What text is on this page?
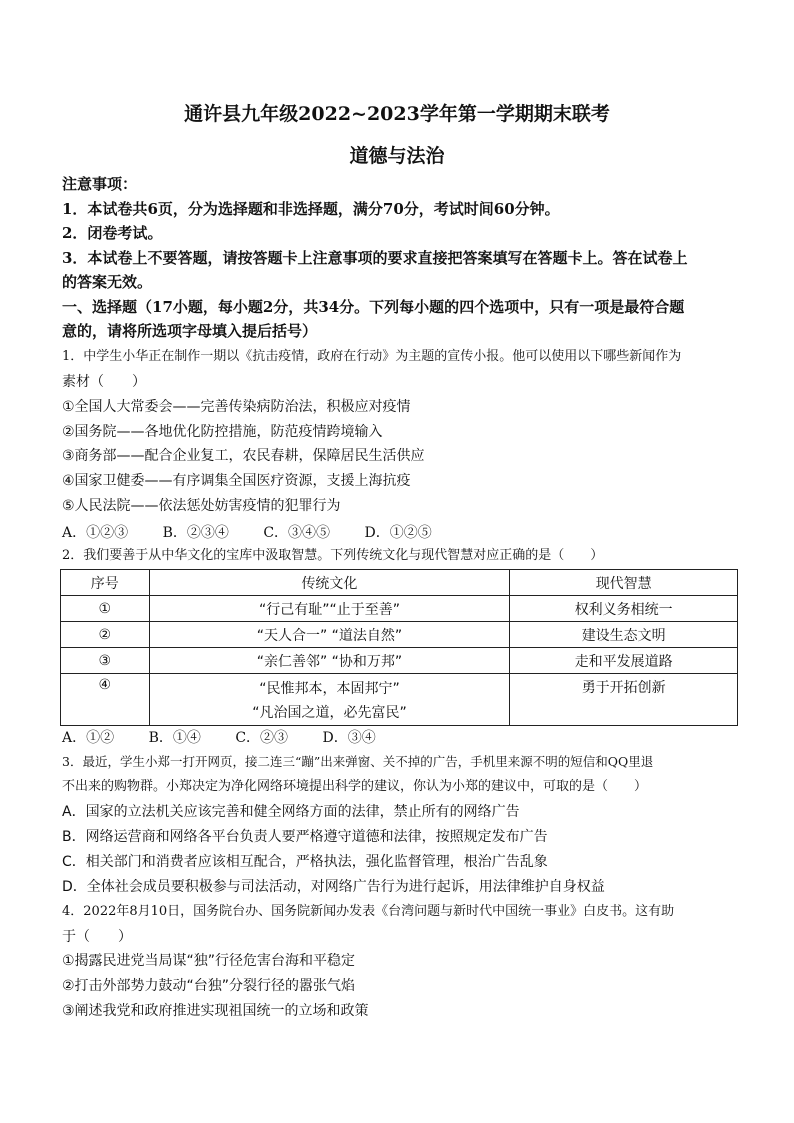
通许县九年级2022~2023学年第一学期期末联考
道德与法治
注意事项：
1．本试卷共6页，分为选择题和非选择题，满分70分，考试时间60分钟。
2．闭卷考试。
3．本试卷上不要答题，请按答题卡上注意事项的要求直接把答案填写在答题卡上。答在试卷上
的答案无效。
一、选择题（17小题，每小题2分，共34分。下列每小题的四个选项中，只有一项是最符合题
意的，请将所选项字母填入提后括号）
1．中学生小华正在制作一期以《抗击疫情，政府在行动》为主题的宣传小报。他可以使用以下哪些新闻作为
素材（　　）
①全国人大常委会——完善传染病防治法，积极应对疫情
②国务院——各地优化防控措施，防范疫情跨境输入
③商务部——配合企业复工，农民春耕，保障居民生活供应
④国家卫健委——有序调集全国医疗资源，支援上海抗疫
⑤人民法院——依法惩处妨害疫情的犯罪行为
A．①②③ B．②③④ C．③④⑤ D．①②⑤
2．我们要善于从中华文化的宝库中汲取智慧。下列传统文化与现代智慧对应正确的是（　　）
序号	传统文化	现代智慧
①	“行己有耻”“止于至善”	权利义务相统一
②	“天人合一” “道法自然”	建设生态文明
③	“亲仁善邻” “协和万邦”	走和平发展道路
④	“民惟邦本，本固邦宁”
“凡治国之道，必先富民”	勇于开拓创新
A．①② B．①④ C．②③ D．③④
3．最近，学生小郑一打开网页，接二连三“蹦”出来弹窗、关不掉的广告，手机里来源不明的短信和QQ里退
不出来的购物群。小郑决定为净化网络环境提出科学的建议，你认为小郑的建议中，可取的是（　　）
A．国家的立法机关应该完善和健全网络方面的法律，禁止所有的网络广告
B．网络运营商和网络各平台负责人要严格遵守道德和法律，按照规定发布广告
C．相关部门和消费者应该相互配合，严格执法，强化监督管理，根治广告乱象
D．全体社会成员要积极参与司法活动，对网络广告行为进行起诉，用法律维护自身权益
4．2022年8月10日，国务院台办、国务院新闻办发表《台湾问题与新时代中国统一事业》白皮书。这有助
于（　　）
①揭露民进党当局谋“独”行径危害台海和平稳定
②打击外部势力鼓动“台独”分裂行径的嚣张气焰
③阐述我党和政府推进实现祖国统一的立场和政策
